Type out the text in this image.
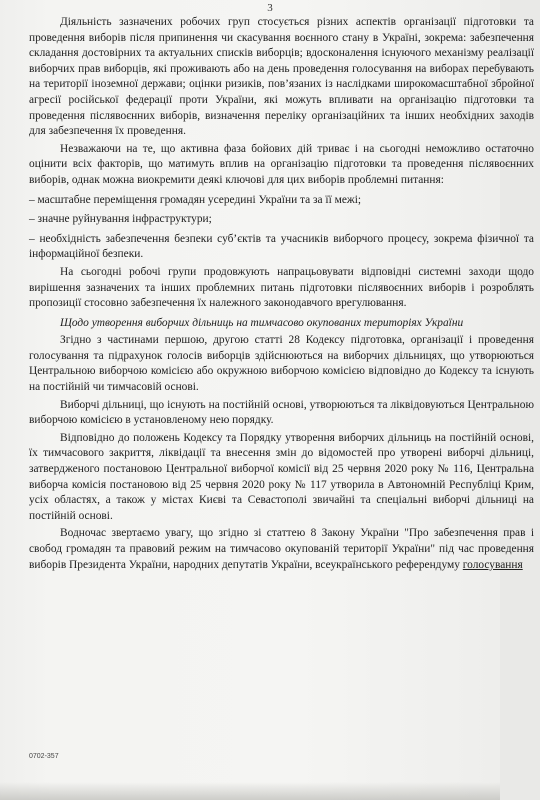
3

Діяльність зазначених робочих груп стосується різних аспектів організації підготовки та проведення виборів після припинення чи скасування воєнного стану в Україні, зокрема: забезпечення складання достовірних та актуальних списків виборців; вдосконалення існуючого механізму реалізації виборчих прав виборців, які проживають або на день проведення голосування на виборах перебувають на території іноземної держави; оцінки ризиків, пов’язаних із наслідками широкомасштабної збройної агресії російської федерації проти України, які можуть впливати на організацію підготовки та проведення післявоєнних виборів, визначення переліку організаційних та інших необхідних заходів для забезпечення їх проведення.

Незважаючи на те, що активна фаза бойових дій триває і на сьогодні неможливо остаточно оцінити всіх факторів, що матимуть вплив на організацію підготовки та проведення післявоєнних виборів, однак можна виокремити деякі ключові для цих виборів проблемні питання:

– масштабне переміщення громадян усередині України та за її межі;

– значне руйнування інфраструктури;

– необхідність забезпечення безпеки суб’єктів та учасників виборчого процесу, зокрема фізичної та інформаційної безпеки.

На сьогодні робочі групи продовжують напрацьовувати відповідні системні заходи щодо вирішення зазначених та інших проблемних питань підготовки післявоєнних виборів і розроблять пропозиції стосовно забезпечення їх належного законодавчого врегулювання.

Щодо утворення виборчих дільниць на тимчасово окупованих територіях України

Згідно з частинами першою, другою статті 28 Кодексу підготовка, організації і проведення голосування та підрахунок голосів виборців здійснюються на виборчих дільницях, що утворюються Центральною виборчою комісією або окружною виборчою комісією відповідно до Кодексу та існують на постійній чи тимчасовій основі.

Виборчі дільниці, що існують на постійній основі, утворюються та ліквідовуються Центральною виборчою комісією в установленому нею порядку.

Відповідно до положень Кодексу та Порядку утворення виборчих дільниць на постійній основі, їх тимчасового закриття, ліквідації та внесення змін до відомостей про утворені виборчі дільниці, затвердженого постановою Центральної виборчої комісії від 25 червня 2020 року № 116, Центральна виборча комісія постановою від 25 червня 2020 року № 117 утворила в Автономній Республіці Крим, усіх областях, а також у містах Києві та Севастополі звичайні та спеціальні виборчі дільниці на постійній основі.

Водночас звертаємо увагу, що згідно зі статтею 8 Закону України "Про забезпечення прав і свобод громадян та правовий режим на тимчасово окупованій території України" під час проведення виборів Президента України, народних депутатів України, всеукраїнського референдуму голосування

0702-357
